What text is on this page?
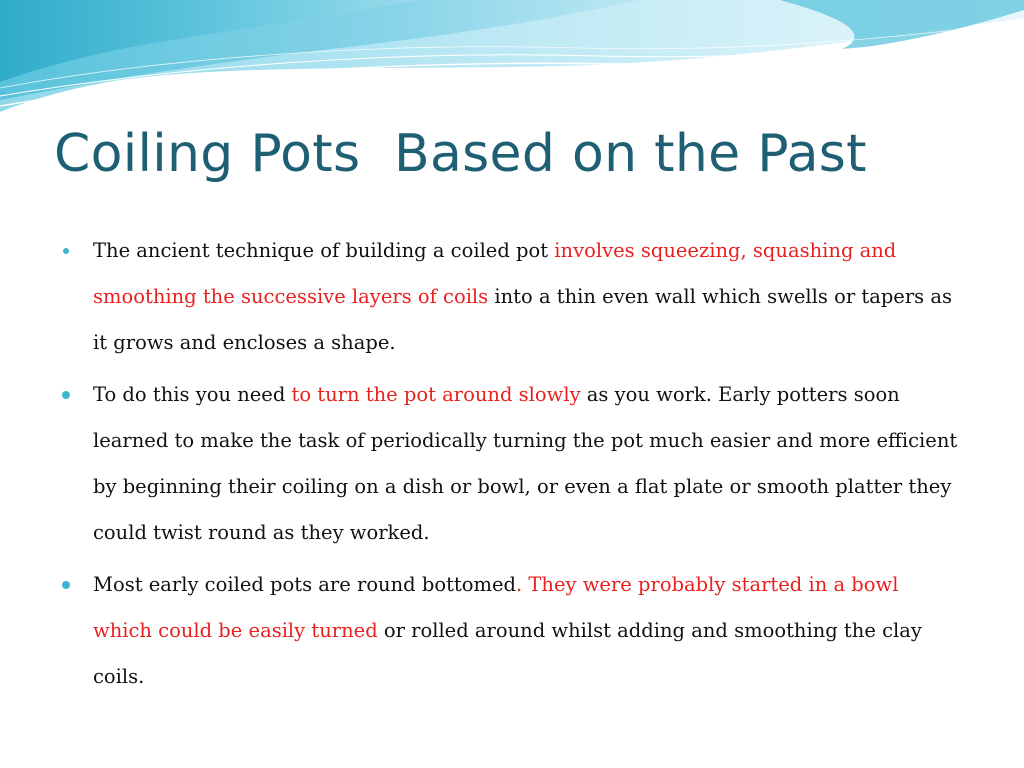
Coiling Pots  Based on the Past
The ancient technique of building a coiled pot involves squeezing, squashing and smoothing the successive layers of coils into a thin even wall which swells or tapers as it grows and encloses a shape.
To do this you need to turn the pot around slowly as you work. Early potters soon learned to make the task of periodically turning the pot much easier and more efficient by beginning their coiling on a dish or bowl, or even a flat plate or smooth platter they could twist round as they worked.
Most early coiled pots are round bottomed. They were probably started in a bowl which could be easily turned or rolled around whilst adding and smoothing the clay coils.
